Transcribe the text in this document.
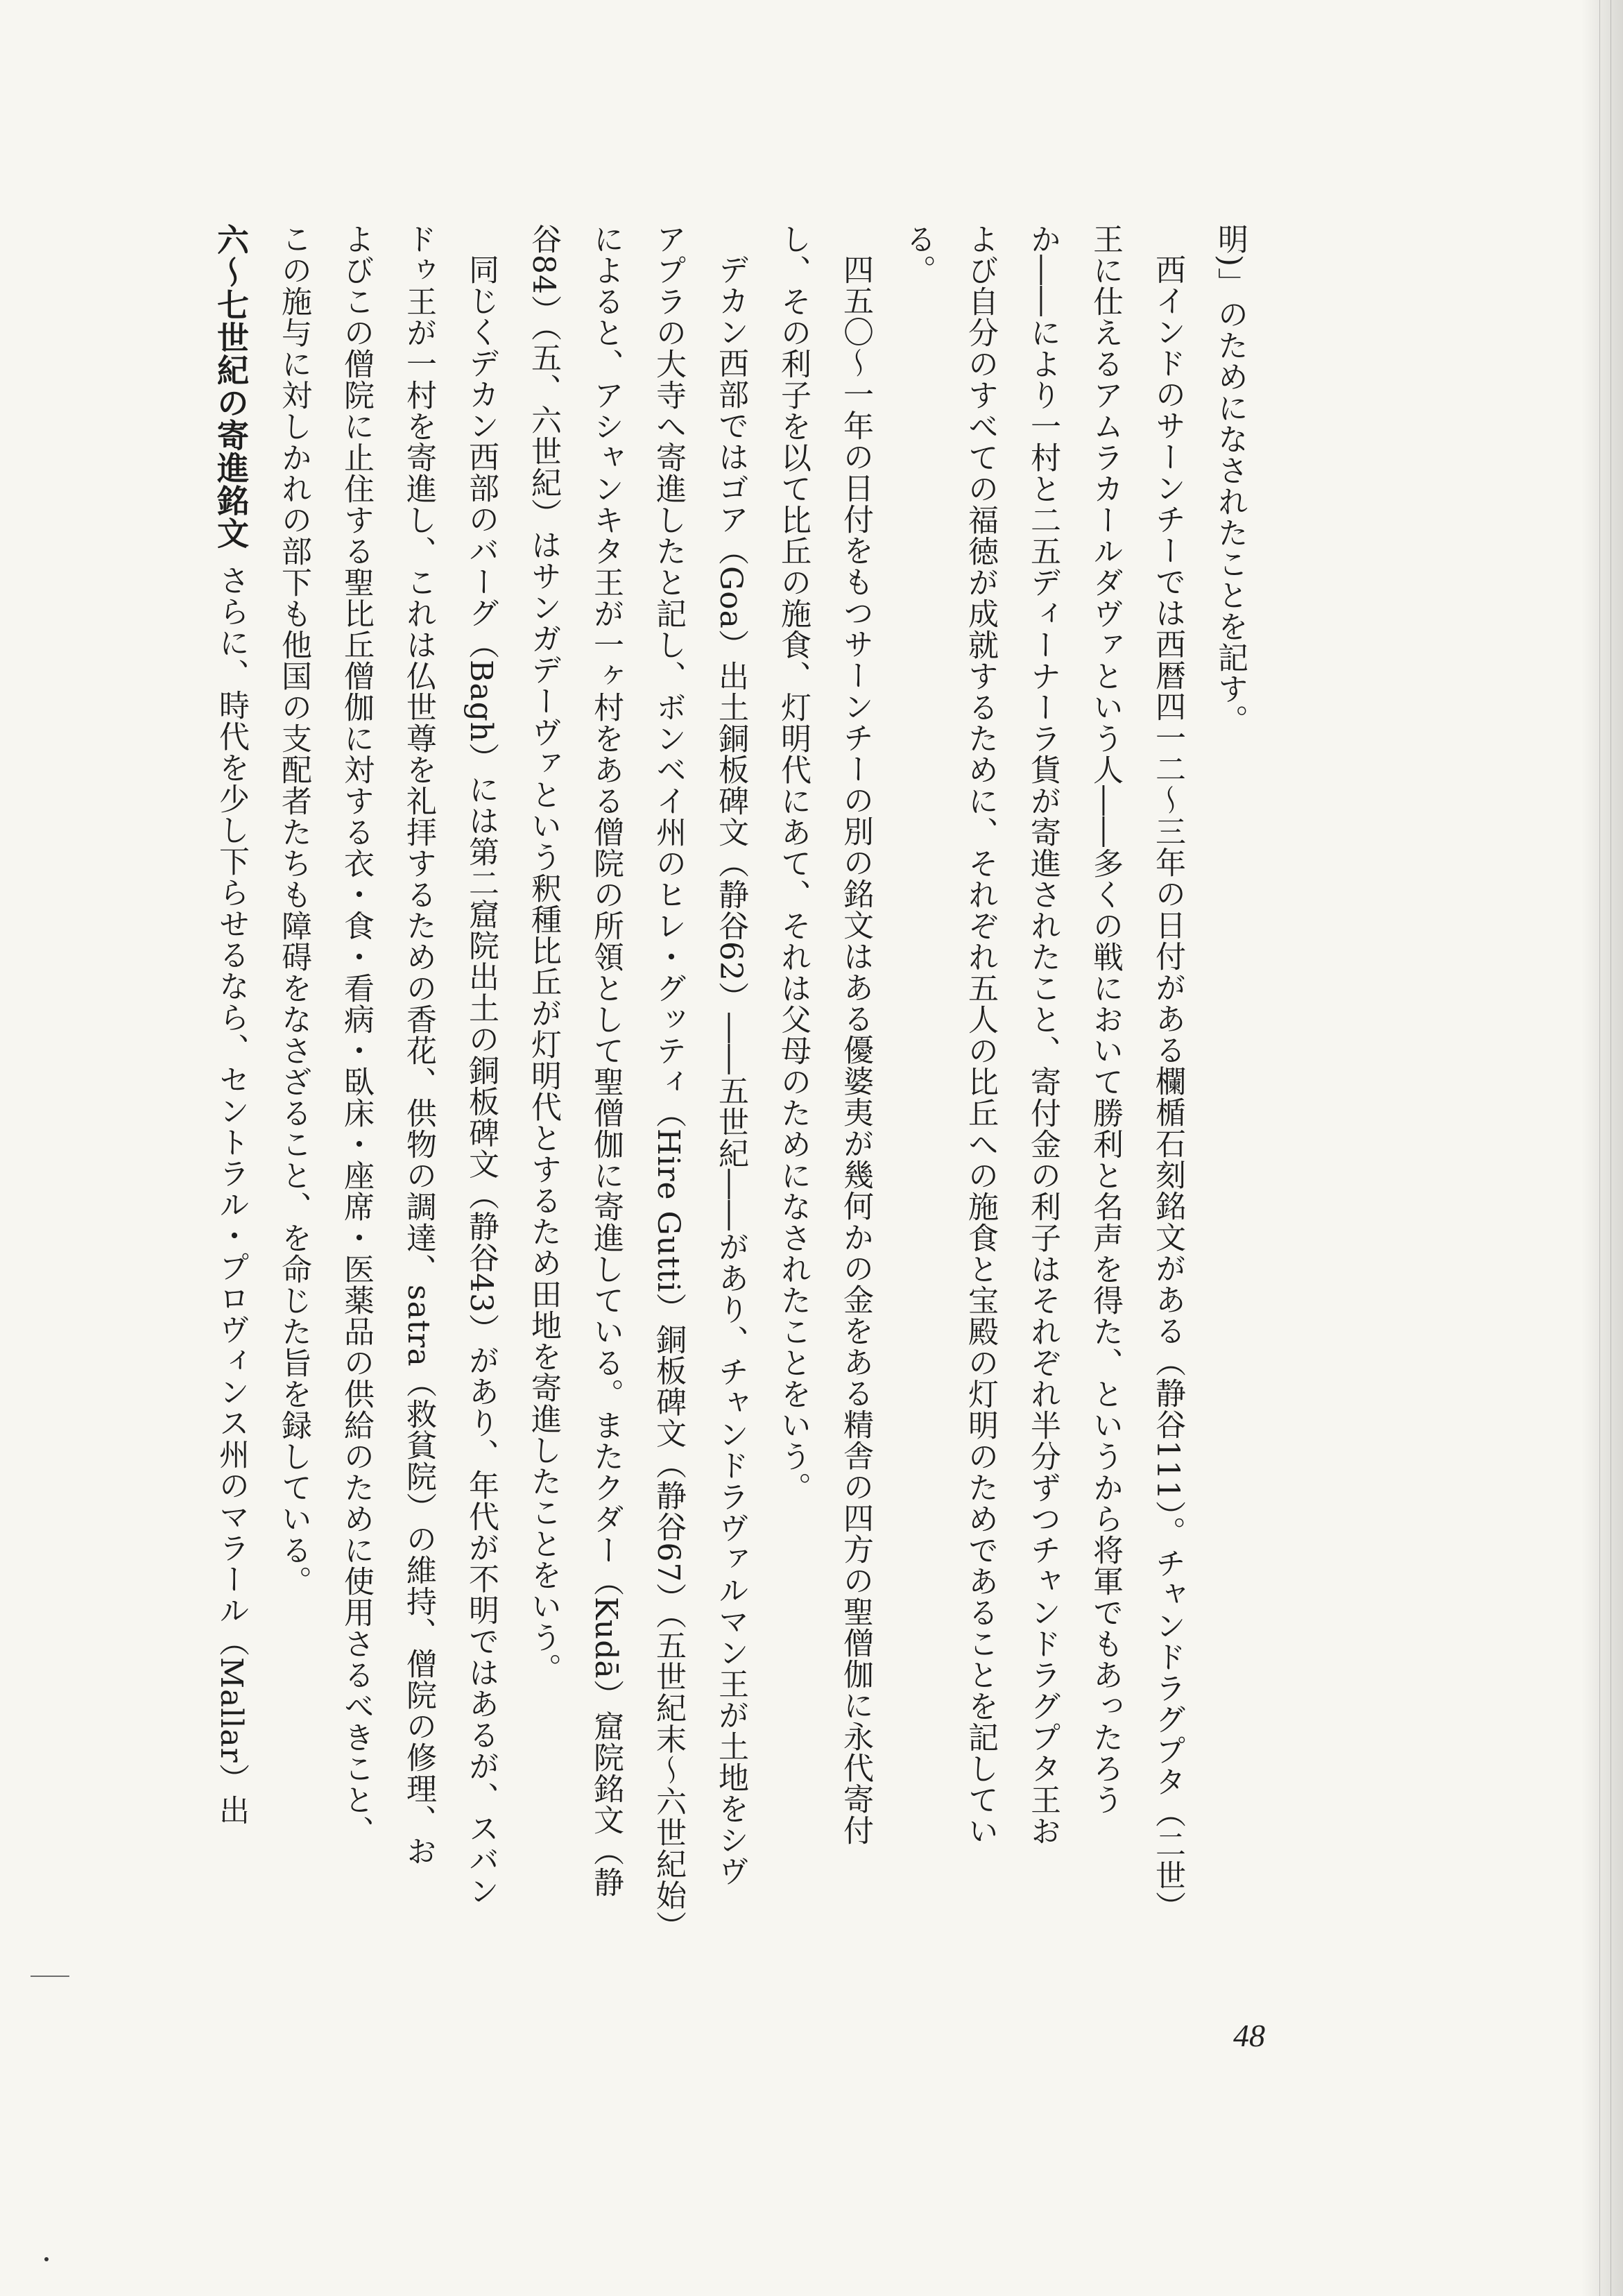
明)」のためになされたことを記す。

西インドのサーンチーでは西暦四一二～三年の日付がある欄楯石刻銘文がある（静谷111）。チャンドラグプタ（二世）

王に仕えるアムラカールダヴァという人――多くの戦において勝利と名声を得た、というから将軍でもあったろう

か――により一村と二五ディーナーラ貨が寄進されたこと、寄付金の利子はそれぞれ半分ずつチャンドラグプタ王お

よび自分のすべての福徳が成就するために、それぞれ五人の比丘への施食と宝殿の灯明のためであることを記してい

る。

四五〇～一年の日付をもつサーンチーの別の銘文はある優婆夷が幾何かの金をある精舎の四方の聖僧伽に永代寄付

し、その利子を以て比丘の施食、灯明代にあて、それは父母のためになされたことをいう。

デカン西部ではゴア（Goa）出土銅板碑文（静谷62）――五世紀――があり、チャンドラヴァルマン王が土地をシヴ

アプラの大寺へ寄進したと記し、ボンベイ州のヒレ・グッティ（Hire Gutti）銅板碑文（静谷67）（五世紀末～六世紀始）

によると、アシャンキタ王が一ヶ村をある僧院の所領として聖僧伽に寄進している。またクダー（Kudā）窟院銘文（静

谷84）（五、六世紀）はサンガデーヴァという釈種比丘が灯明代とするため田地を寄進したことをいう。

同じくデカン西部のバーグ（Bagh）には第二窟院出土の銅板碑文（静谷43）があり、年代が不明ではあるが、スバン

ドゥ王が一村を寄進し、これは仏世尊を礼拝するための香花、供物の調達、satra（救貧院）の維持、僧院の修理、お

よびこの僧院に止住する聖比丘僧伽に対する衣・食・看病・臥床・座席・医薬品の供給のために使用さるべきこと、

この施与に対しかれの部下も他国の支配者たちも障碍をなさざること、を命じた旨を録している。

六～七世紀の寄進銘文さらに、時代を少し下らせるなら、セントラル・プロヴィンス州のマラール（Mallar）出

48
